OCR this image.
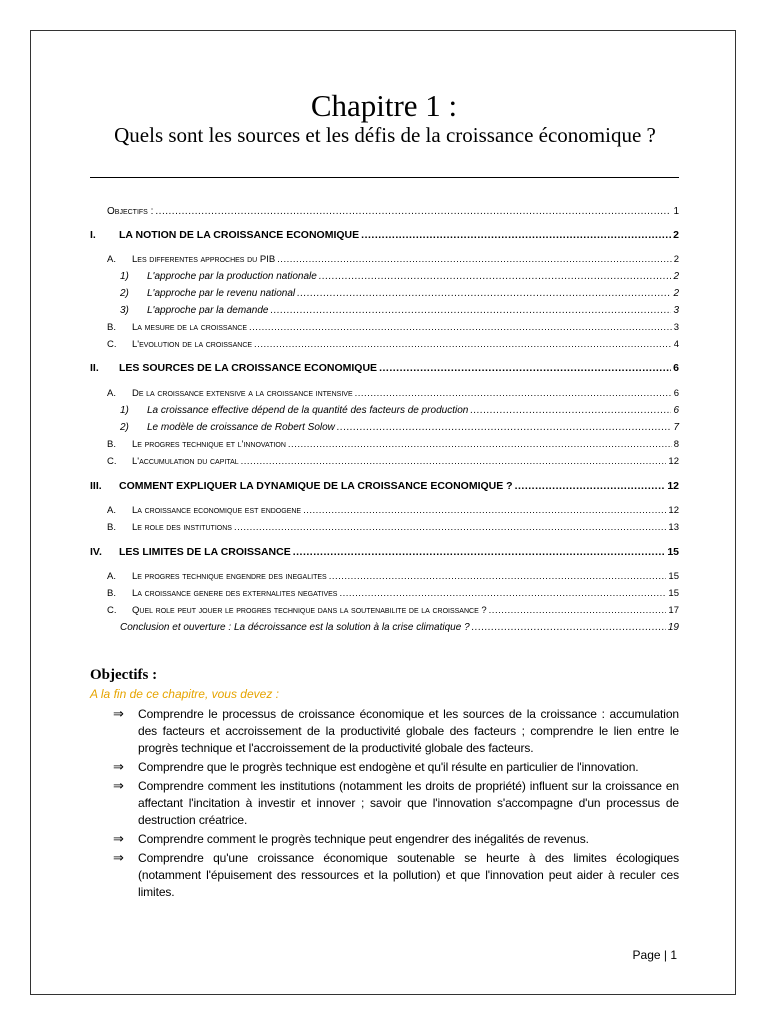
Chapitre 1 :
Quels sont les sources et les défis de la croissance économique ?
Objectifs : .....	1
I.	LA NOTION DE LA CROISSANCE ECONOMIQUE .....	2
A.	Les differentes approches du PIB .....	2
1)	L'approche par la production nationale .....	2
2)	L'approche par le revenu national .....	2
3)	L'approche par la demande .....	3
B.	La mesure de la croissance .....	3
C.	L'evolution de la croissance .....	4
II.	LES SOURCES DE LA CROISSANCE ECONOMIQUE .....	6
A.	De la croissance extensive a la croissance intensive .....	6
1)	La croissance effective dépend de la quantité des facteurs de production .....	6
2)	Le modèle de croissance de Robert Solow .....	7
B.	Le progres technique et l'innovation .....	8
C.	L'accumulation du capital .....	12
III.	COMMENT EXPLIQUER LA DYNAMIQUE DE LA CROISSANCE ECONOMIQUE ? .....	12
A.	La croissance economique est endogene .....	12
B.	Le role des institutions .....	13
IV.	LES LIMITES DE LA CROISSANCE .....	15
A.	Le progres technique engendre des inegalites .....	15
B.	La croissance genere des externalites negatives .....	15
C.	Quel role peut jouer le progres technique dans la soutenabilite de la croissance ? .....	17
Conclusion et ouverture : La décroissance est la solution à la crise climatique ? .....	19
Objectifs :
A la fin de ce chapitre, vous devez :
⇒ Comprendre le processus de croissance économique et les sources de la croissance : accumulation des facteurs et accroissement de la productivité globale des facteurs ; comprendre le lien entre le progrès technique et l'accroissement de la productivité globale des facteurs.
⇒ Comprendre que le progrès technique est endogène et qu'il résulte en particulier de l'innovation.
⇒ Comprendre comment les institutions (notamment les droits de propriété) influent sur la croissance en affectant l'incitation à investir et innover ; savoir que l'innovation s'accompagne d'un processus de destruction créatrice.
⇒ Comprendre comment le progrès technique peut engendrer des inégalités de revenus.
⇒ Comprendre qu'une croissance économique soutenable se heurte à des limites écologiques (notamment l'épuisement des ressources et la pollution) et que l'innovation peut aider à reculer ces limites.
Page | 1
